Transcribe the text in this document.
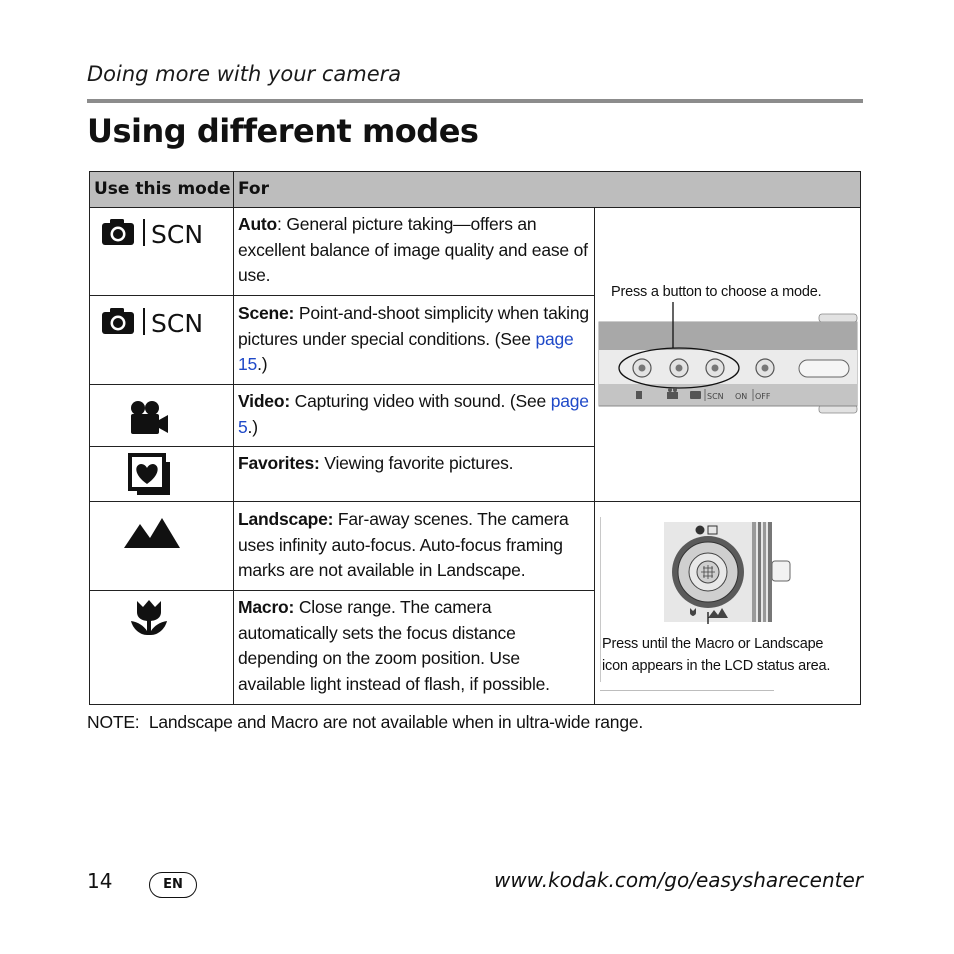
Doing more with your camera
Using different modes
Use this mode For
SCN Auto: General picture taking—offers an excellent balance of image quality and ease of use.
SCN Scene: Point-and-shoot simplicity when taking pictures under special conditions. (See page 15.)
Video: Capturing video with sound. (See page 5.)
Favorites: Viewing favorite pictures.
Landscape: Far-away scenes. The camera uses infinity auto-focus. Auto-focus framing marks are not available in Landscape.
Macro: Close range. The camera automatically sets the focus distance depending on the zoom position. Use available light instead of flash, if possible.
Press a button to choose a mode.
SCN ON OFF
Press until the Macro or Landscape
icon appears in the LCD status area.
NOTE: Landscape and Macro are not available when in ultra-wide range.
14	EN	www.kodak.com/go/easysharecenter
